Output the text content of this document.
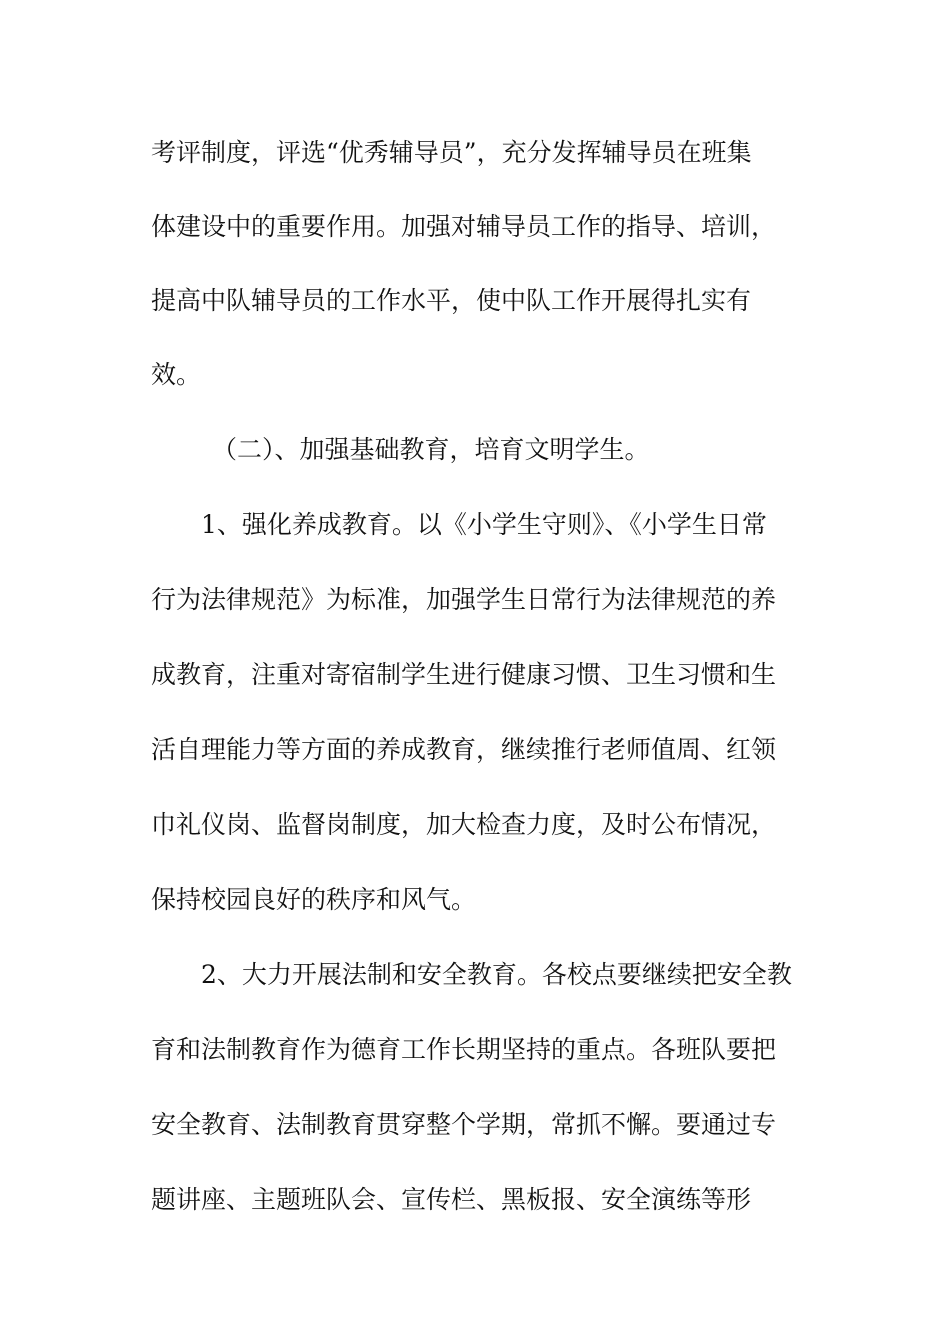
考评制度，评选“优秀辅导员”，充分发挥辅导员在班集
体建设中的重要作用。加强对辅导员工作的指导、培训，
提高中队辅导员的工作水平，使中队工作开展得扎实有
效。
（二）、加强基础教育，培育文明学生。
1、强化养成教育。以《小学生守则》、《小学生日常
行为法律规范》为标准，加强学生日常行为法律规范的养
成教育，注重对寄宿制学生进行健康习惯、卫生习惯和生
活自理能力等方面的养成教育，继续推行老师值周、红领
巾礼仪岗、监督岗制度，加大检查力度，及时公布情况，
保持校园良好的秩序和风气。
2、大力开展法制和安全教育。各校点要继续把安全教
育和法制教育作为德育工作长期坚持的重点。各班队要把
安全教育、法制教育贯穿整个学期，常抓不懈。要通过专
题讲座、主题班队会、宣传栏、黑板报、安全演练等形
